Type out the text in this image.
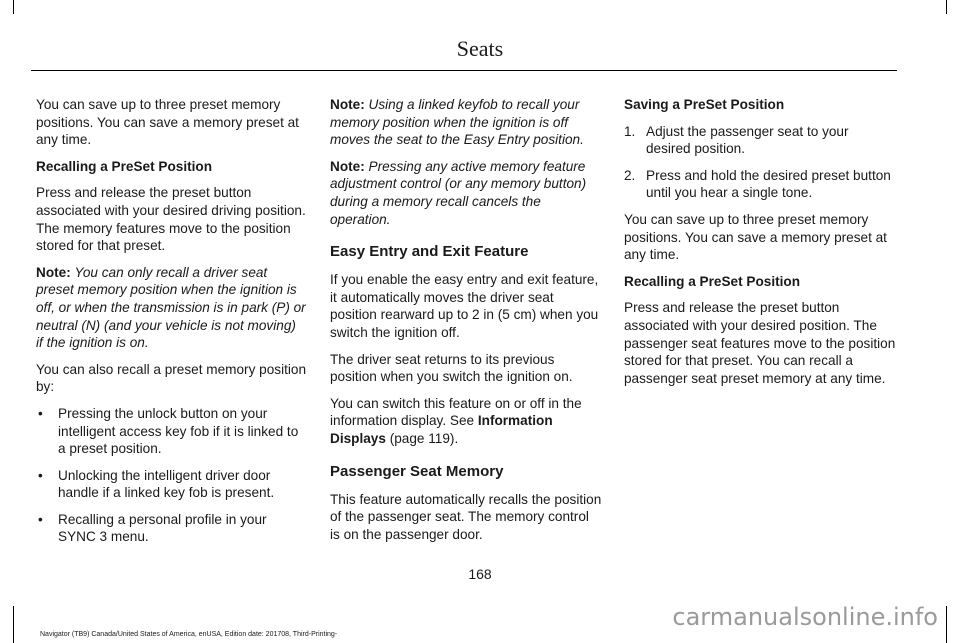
Seats

You can save up to three preset memory positions. You can save a memory preset at any time.

Recalling a PreSet Position

Press and release the preset button associated with your desired driving position. The memory features move to the position stored for that preset.

Note: You can only recall a driver seat preset memory position when the ignition is off, or when the transmission is in park (P) or neutral (N) (and your vehicle is not moving) if the ignition is on.

You can also recall a preset memory position by:

• Pressing the unlock button on your intelligent access key fob if it is linked to a preset position.
• Unlocking the intelligent driver door handle if a linked key fob is present.
• Recalling a personal profile in your SYNC 3 menu.

Note: Using a linked keyfob to recall your memory position when the ignition is off moves the seat to the Easy Entry position.

Note: Pressing any active memory feature adjustment control (or any memory button) during a memory recall cancels the operation.

Easy Entry and Exit Feature

If you enable the easy entry and exit feature, it automatically moves the driver seat position rearward up to 2 in (5 cm) when you switch the ignition off.

The driver seat returns to its previous position when you switch the ignition on.

You can switch this feature on or off in the information display. See Information Displays (page 119).

Passenger Seat Memory

This feature automatically recalls the position of the passenger seat. The memory control is on the passenger door.

Saving a PreSet Position

1. Adjust the passenger seat to your desired position.
2. Press and hold the desired preset button until you hear a single tone.

You can save up to three preset memory positions. You can save a memory preset at any time.

Recalling a PreSet Position

Press and release the preset button associated with your desired position. The passenger seat features move to the position stored for that preset. You can recall a passenger seat preset memory at any time.

168
Navigator (TB9) Canada/United States of America, enUSA, Edition date: 201708, Third-Printing-
carmanualsonline.info
